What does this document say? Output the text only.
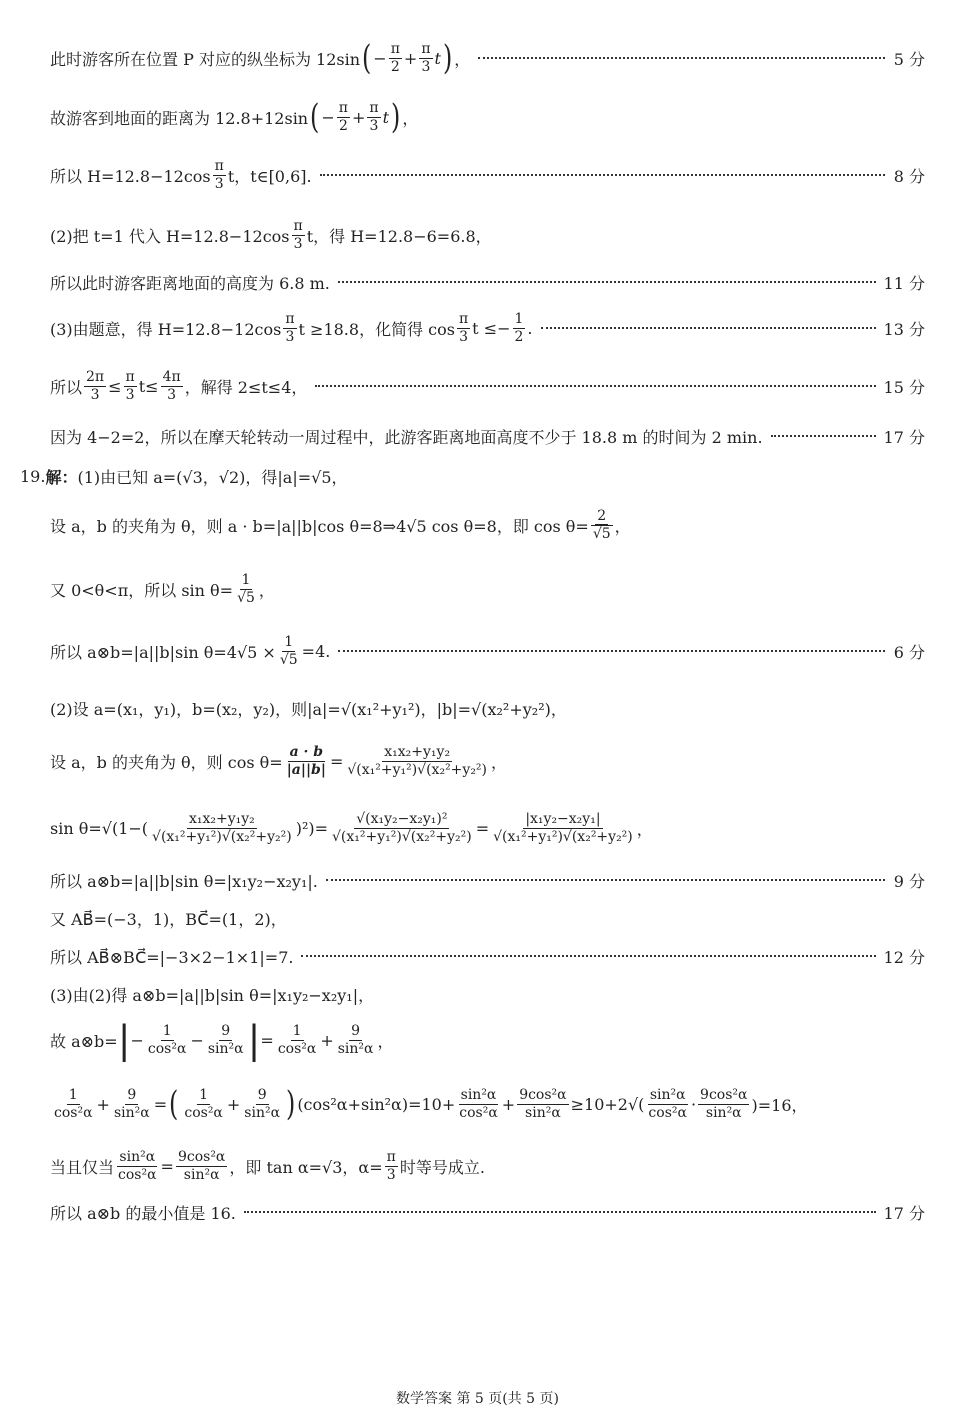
此时游客所在位置 P 对应的纵坐标为 12sin ( − π
2 + π
3 t ) ，	5 分
故游客到地面的距离为 12.8+12sin ( − π
2 + π
3 t ) ，
所以 H=12.8−12cos
π
3 t，t∈[0,6].	8 分
(2)把 t=1 代入 H=12.8−12cos
π
3 t，得 H=12.8−6=6.8，
所以此时游客距离地面的高度为 6.8 m.	11 分
(3)由题意，得 H=12.8−12cos
π
3 t ≥18.8，化简得 cos
π
3 $t \le- \frac{1}{2}$ .	13 分
所以 $\frac{2\pi}{3} \le \frac{\pi}{3} t\le \frac{4\pi}{3}$ ，解得 2≤t≤4，	15 分
因为 4−2=2，所以在摩天轮转动一周过程中，此游客距离地面高度不少于 18.8 m 的时间为 2 min.	17 分
19. 解： (1)由已知 a=(√3，√2)，得|a|=√5，
设 a，b 的夹角为 θ，则 a · b=|a||b|cos θ=8⇒4√5 cos θ=8，即 $\cos \theta= \frac{2}{√5}$ ，
又 0<θ<π，所以 $\sin \theta= \frac{1}{√5}$ ，
所以 a⊗b=|a||b|sin $\theta=4√5 \times \frac{1}{√5} =4$.	6 分
(2)设 a=(x₁，y₁)，b=(x₂，y₂)，则|a|=√(x₁²+y₁²)，|b|=√(x₂²+y₂²)，
设 a，b 的夹角为 θ，则 $\cos \theta= \frac{a \cdot b}{|a||b|} = \frac{\text{x₁x₂+y₁y₂}}{\text{√(x₁²+y₁²)√(x₂²+y₂²)}}$ ，
sin θ=√(1−(	x₁x₂+y₁y₂
√(x₁²+y₁²)√(x₂²+y₂²) )$^2)= \frac{\text{√(x₁y₂−x₂y₁)²}}{\text{√(x₁²+y₁²)√(x₂²+y₂²)}} = \frac{\text{|x₁y₂−x₂y₁|}}{\text{√(x₁²+y₁²)√(x₂²+y₂²)}}$ ，
所以 a⊗b=|a||b|sin θ=|x₁y₂−x₂y₁|.	9 分
又 AB⃗=(−3，1)，BC⃗=(1，2)，
所以 AB⃗⊗BC⃗=|−3×2−1×1|=7.	12 分
(3)由(2)得 a⊗b=|a||b|sin θ=|x₁y₂−x₂y₁|，
故 a⊗b= | − 1
cos²α − 9
sin²α | = 1
cos²α + 9
sin²α ，
1
cos²α + 9
sin²α = ( 1
cos²α + 9
sin²α ) $(\cos^2\alpha+\sin^2\alpha)=10+ \frac{\text{sin²α}}{\text{cos²α}} + \frac{\text{9cos²α}}{\text{sin²α}} \ge 10+2√$( sin²α
cos²α · 9cos²α
sin²α )=16，
当且仅当
sin²α
cos²α = 9cos²α
sin²α ，即 tan α=√3，$\alpha= \frac{\pi}{3}$ 时等号成立.
所以 a⊗b 的最小值是 16.	17 分
数学答案 第 5 页(共 5 页)
